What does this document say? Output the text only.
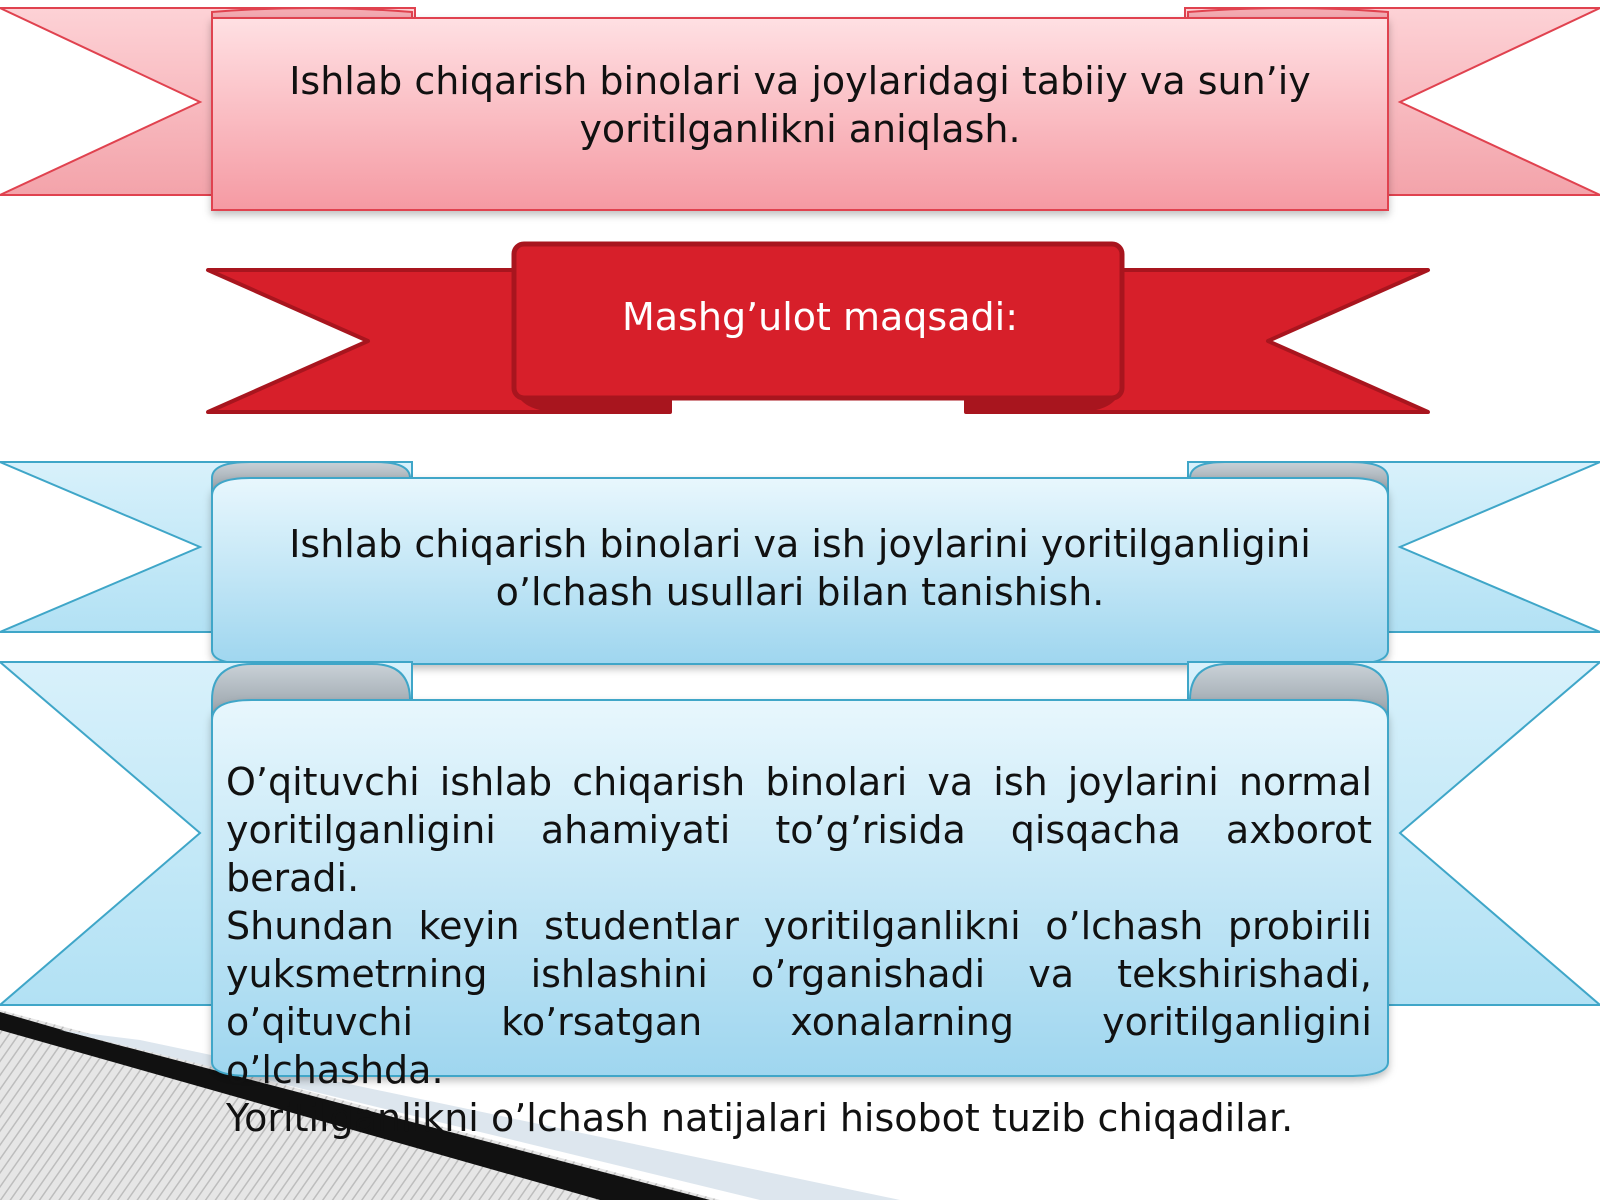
Ishlab chiqarish binolari va joylaridagi tabiiy va sun’iy yoritilganlikni aniqlash.
Mashg’ulot maqsadi:
Ishlab chiqarish binolari va ish joylarini yoritilganligini o’lchash usullari bilan tanishish.
O’qituvchi ishlab chiqarish binolari va ish joylarini normal
yoritilganligini ahamiyati to’g’risida qisqacha axborot beradi.
Shundan keyin studentlar yoritilganlikni o’lchash probirili
yuksmetrning ishlashini o’rganishadi va tekshirishadi,
o’qituvchi ko’rsatgan xonalarning yoritilganligini o’lchashda.
Yoritilganlikni o’lchash natijalari hisobot tuzib chiqadilar.
